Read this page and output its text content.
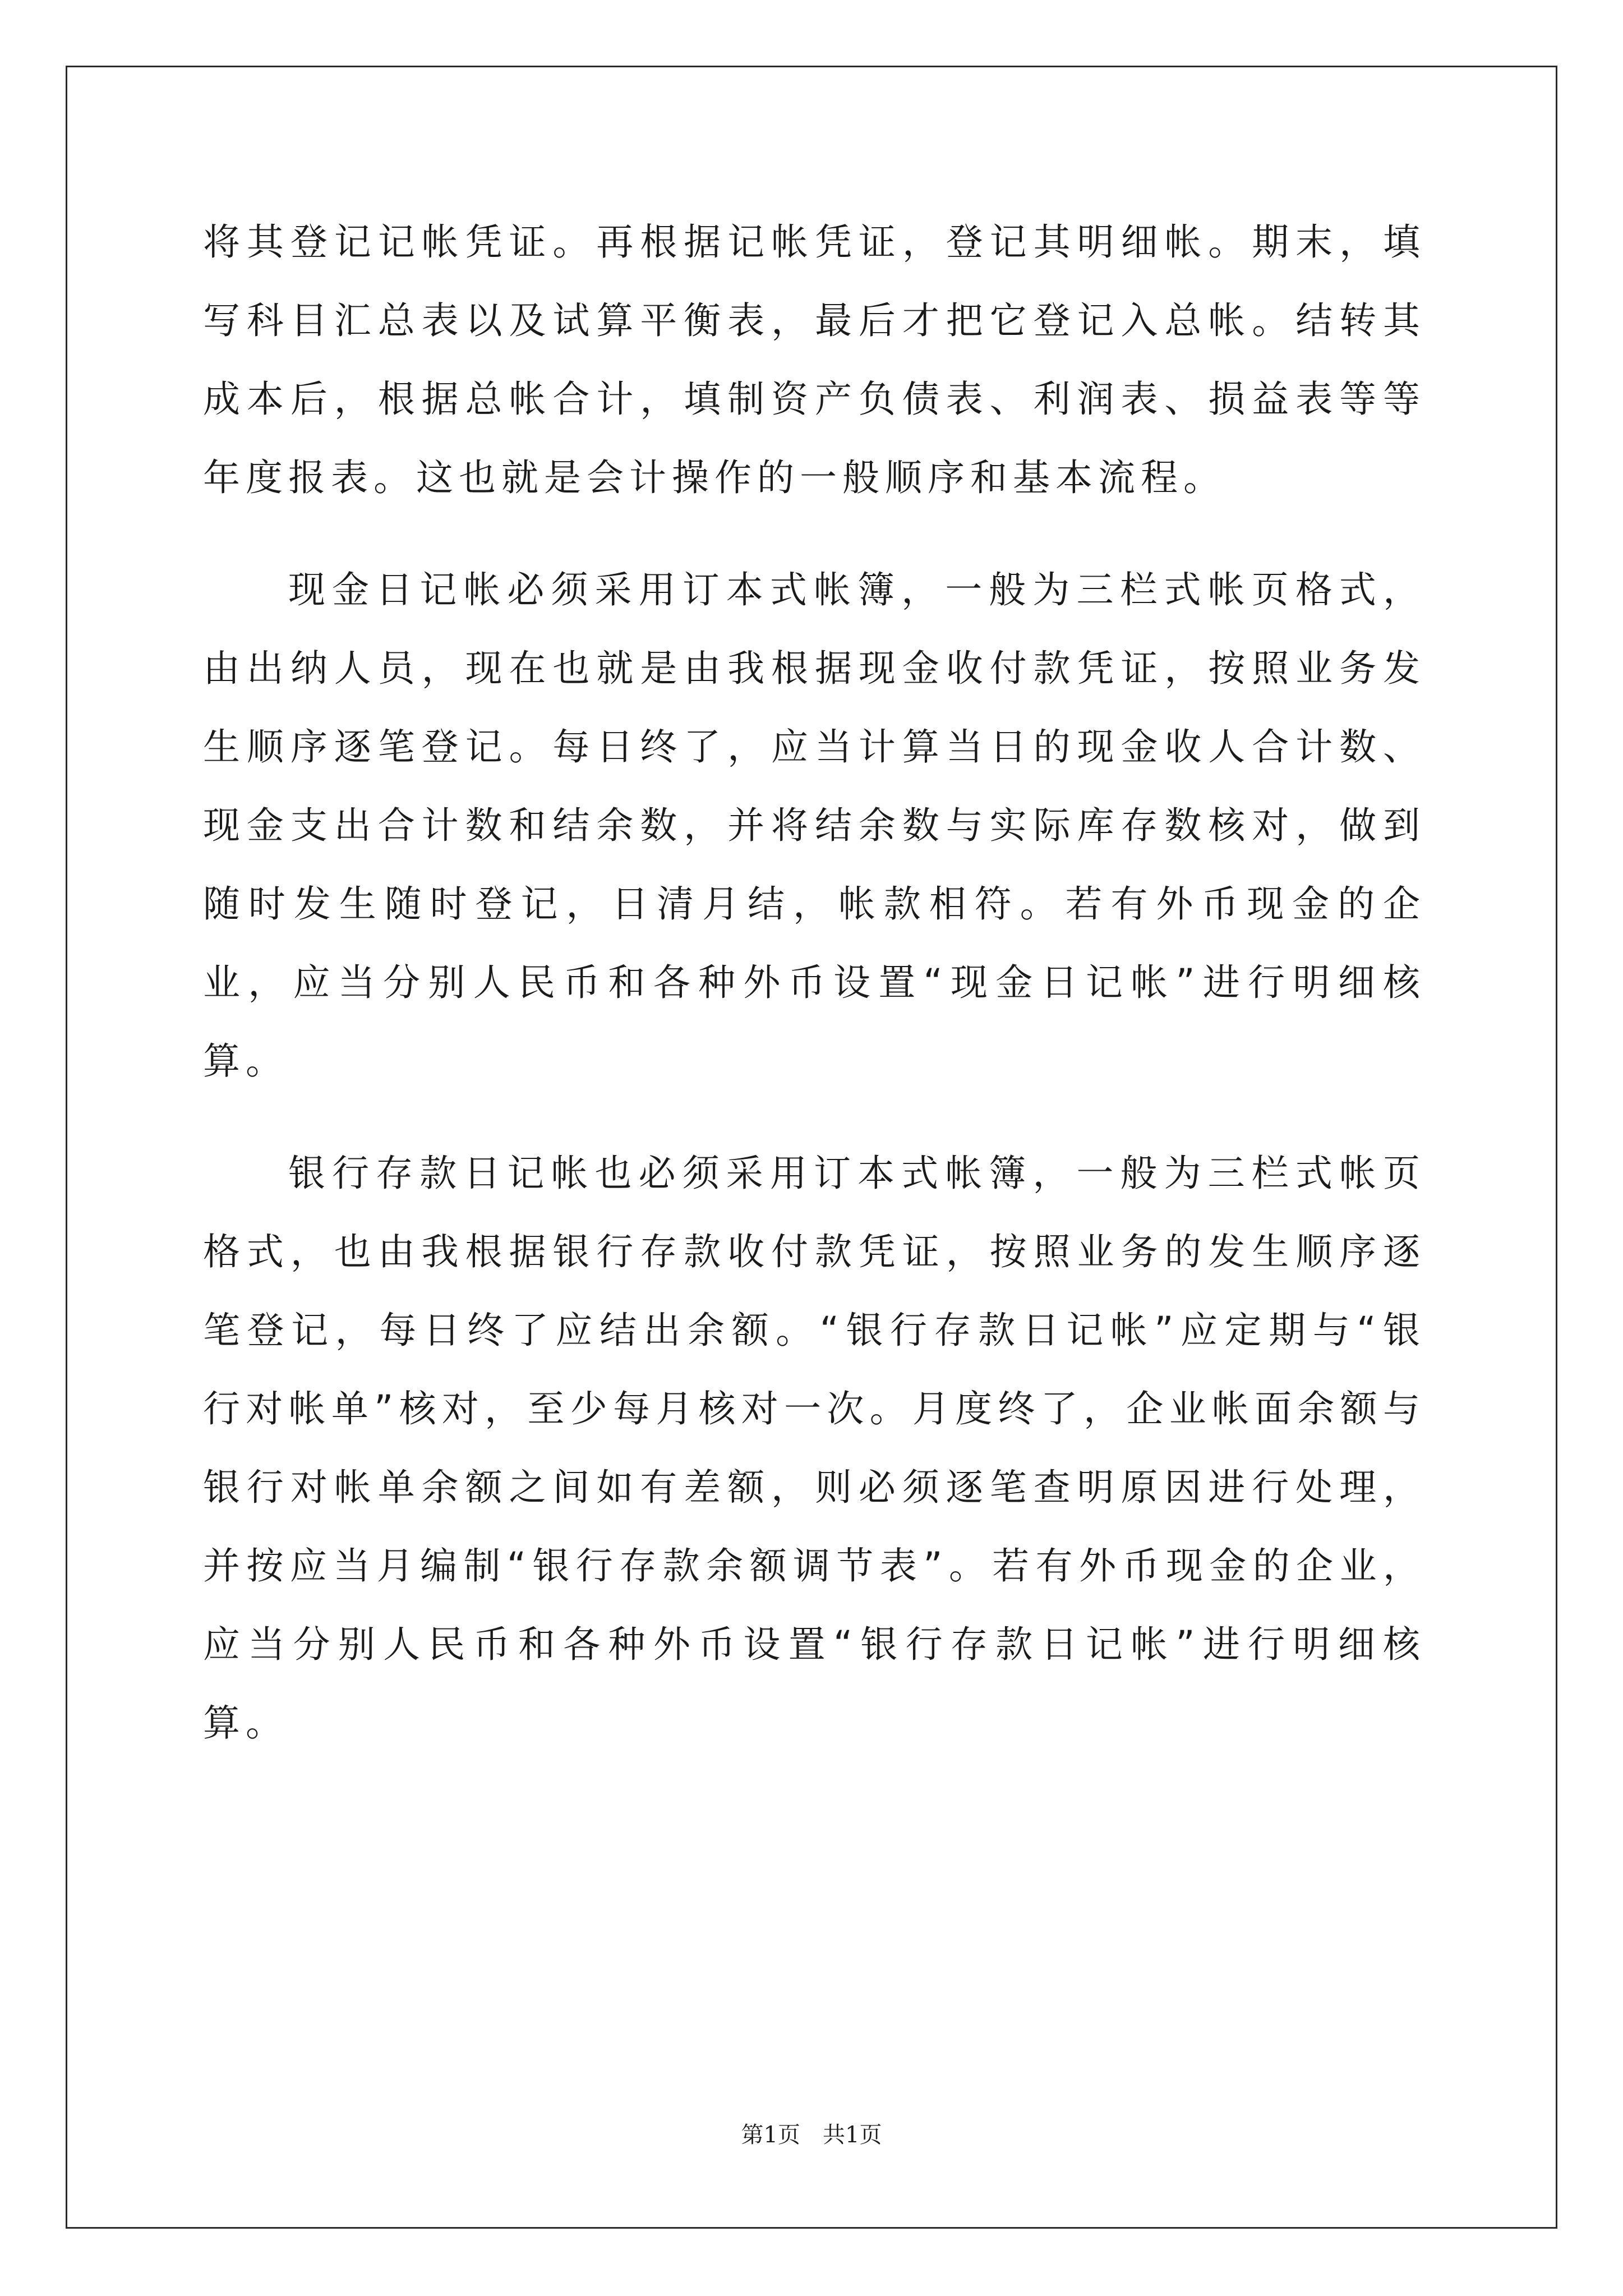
将其登记记帐凭证。再根据记帐凭证，登记其明细帐。期末，填写科目汇总表以及试算平衡表，最后才把它登记入总帐。结转其成本后，根据总帐合计，填制资产负债表、利润表、损益表等等年度报表。这也就是会计操作的一般顺序和基本流程。

现金日记帐必须采用订本式帐簿，一般为三栏式帐页格式，由出纳人员，现在也就是由我根据现金收付款凭证，按照业务发生顺序逐笔登记。每日终了，应当计算当日的现金收人合计数、现金支出合计数和结余数，并将结余数与实际库存数核对，做到随时发生随时登记，日清月结，帐款相符。若有外币现金的企业，应当分别人民币和各种外币设置“现金日记帐”进行明细核算。

银行存款日记帐也必须采用订本式帐簿，一般为三栏式帐页格式，也由我根据银行存款收付款凭证，按照业务的发生顺序逐笔登记，每日终了应结出余额。“银行存款日记帐”应定期与“银行对帐单”核对，至少每月核对一次。月度终了，企业帐面余额与银行对帐单余额之间如有差额，则必须逐笔查明原因进行处理，并按应当月编制“银行存款余额调节表”。若有外币现金的企业，应当分别人民币和各种外币设置“银行存款日记帐”进行明细核算。

第1页 共1页
